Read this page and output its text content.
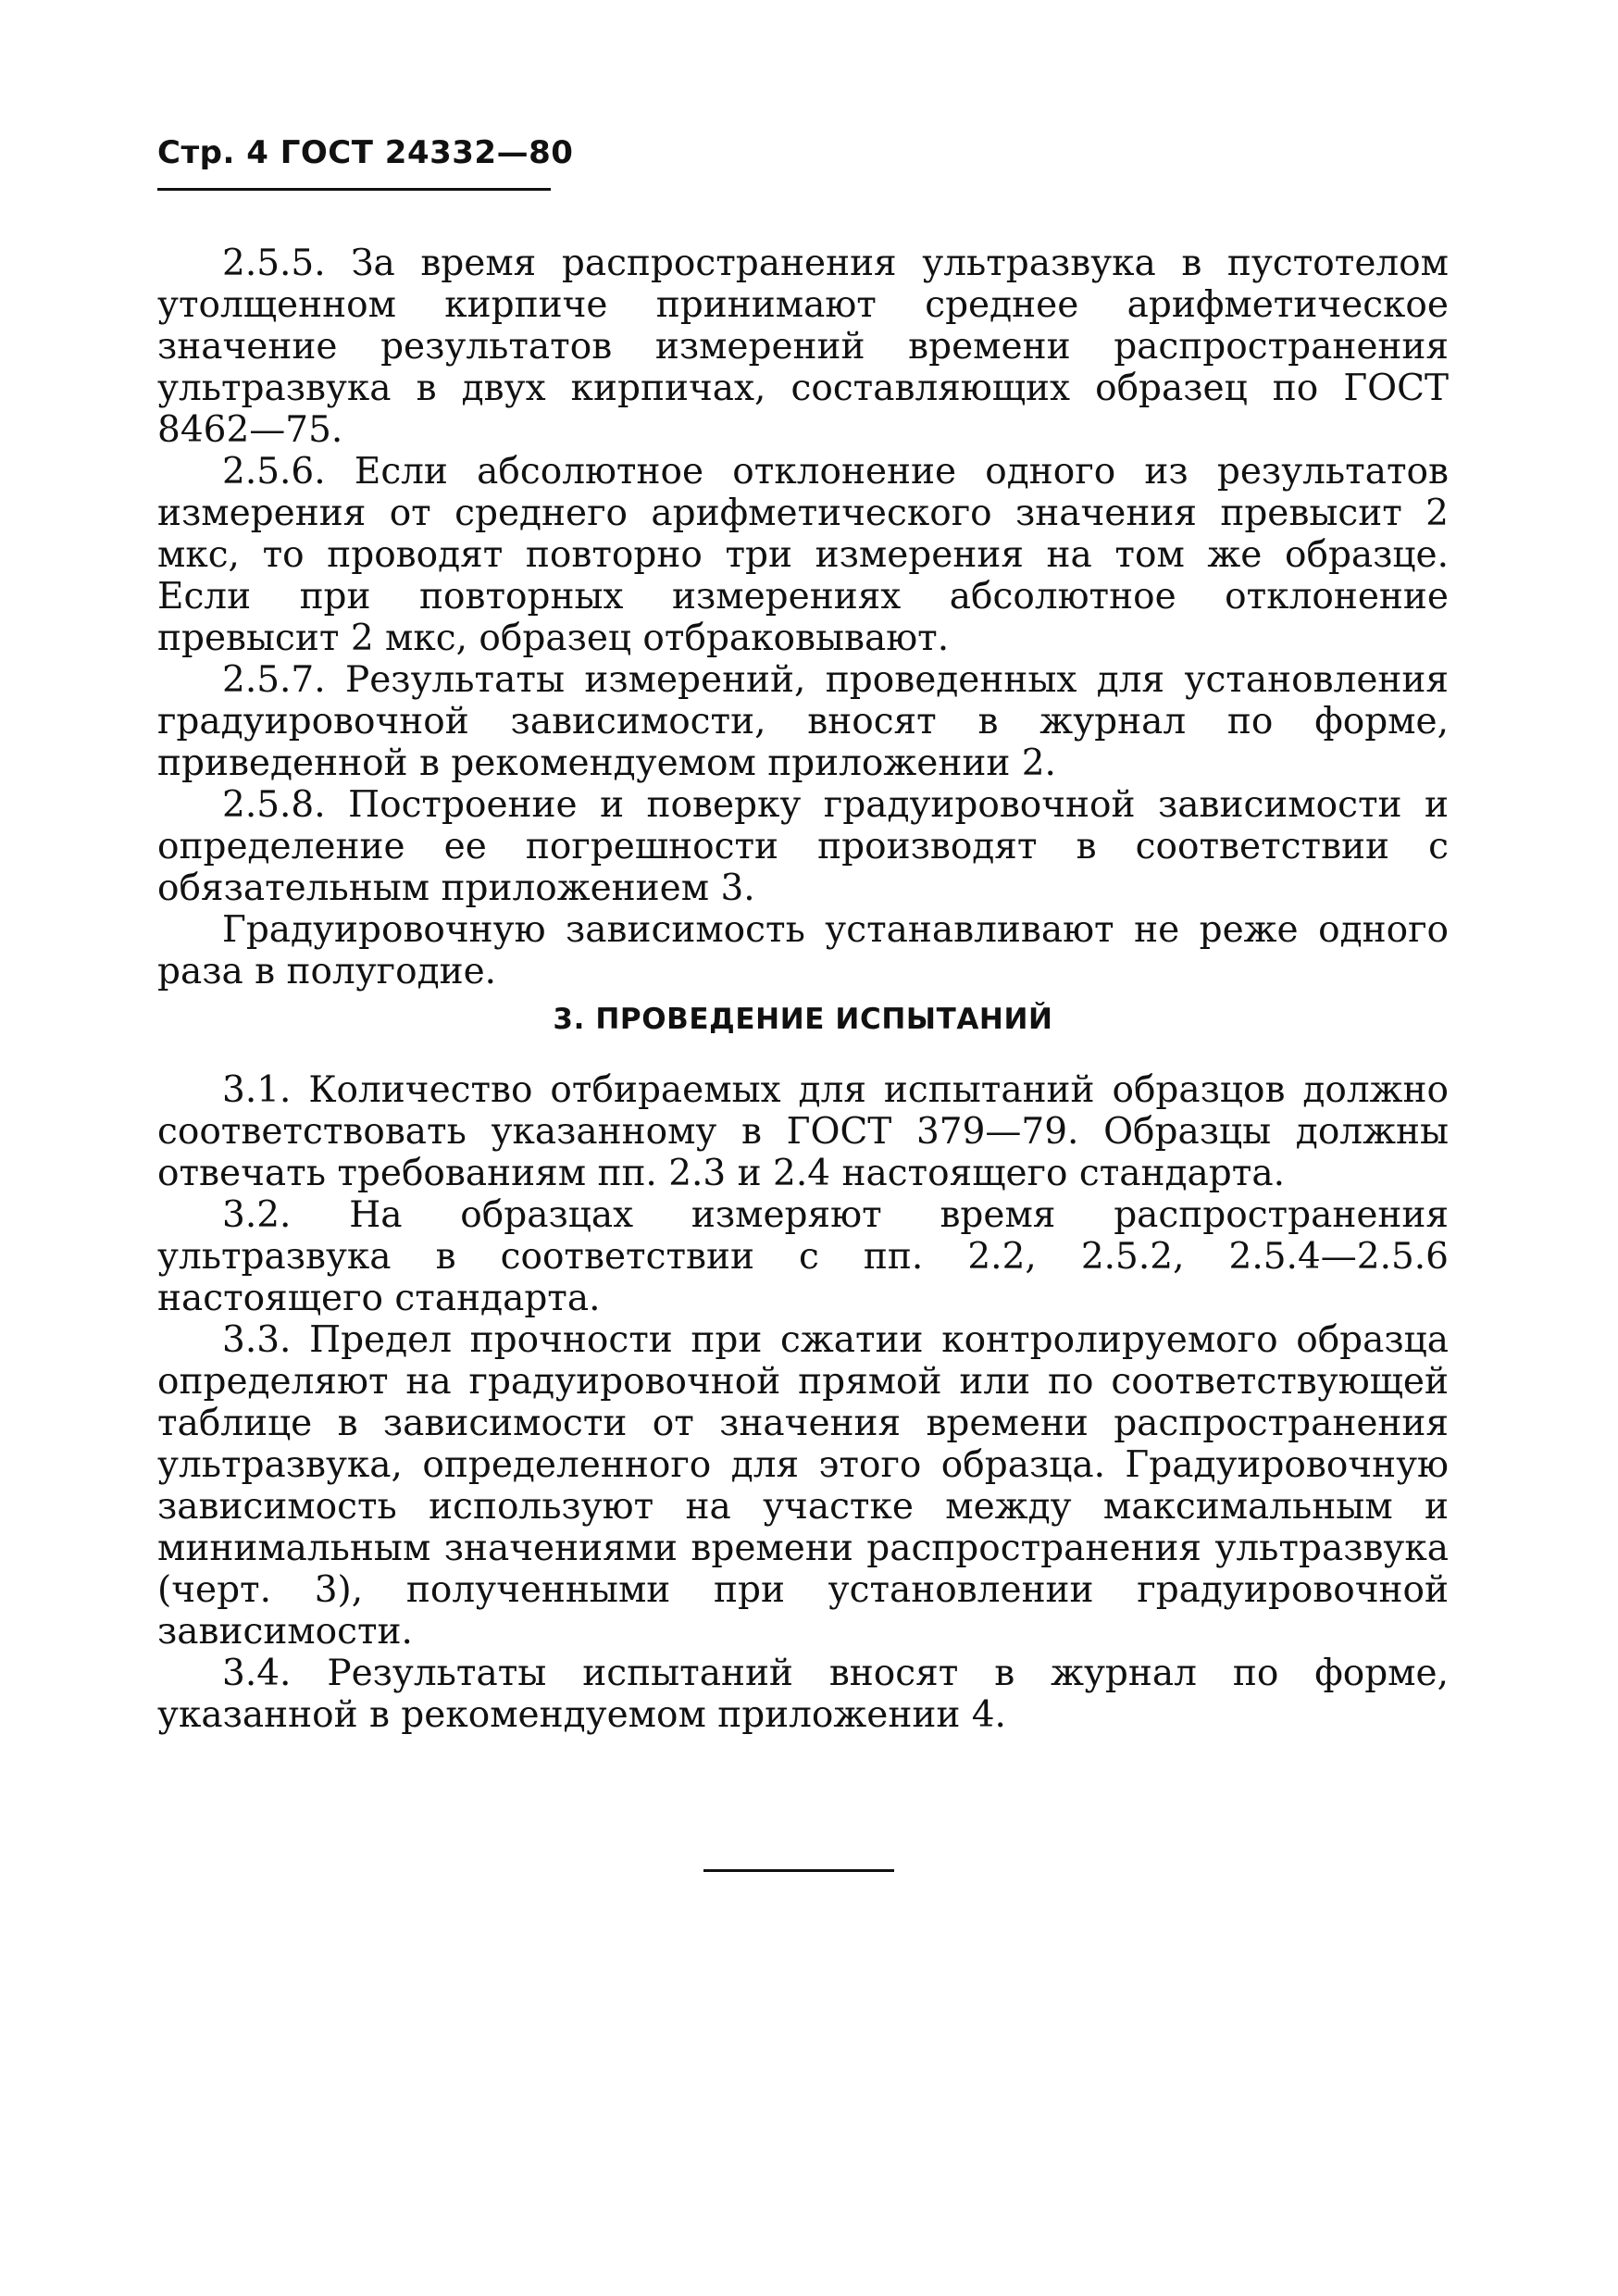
Стр. 4 ГОСТ 24332—80

2.5.5. За время распространения ультразвука в пустотелом утолщенном кирпиче принимают среднее арифметическое значение результатов измерений времени распространения ультразвука в двух кирпичах, составляющих образец по ГОСТ 8462—75.

2.5.6. Если абсолютное отклонение одного из результатов измерения от среднего арифметического значения превысит 2 мкс, то проводят повторно три измерения на том же образце. Если при повторных измерениях абсолютное отклонение превысит 2 мкс, образец отбраковывают.

2.5.7. Результаты измерений, проведенных для установления градуировочной зависимости, вносят в журнал по форме, приведенной в рекомендуемом приложении 2.

2.5.8. Построение и поверку градуировочной зависимости и определение ее погрешности производят в соответствии с обязательным приложением 3.

Градуировочную зависимость устанавливают не реже одного раза в полугодие.

3. ПРОВЕДЕНИЕ ИСПЫТАНИЙ

3.1. Количество отбираемых для испытаний образцов должно соответствовать указанному в ГОСТ 379—79. Образцы должны отвечать требованиям пп. 2.3 и 2.4 настоящего стандарта.

3.2. На образцах измеряют время распространения ультразвука в соответствии с пп. 2.2, 2.5.2, 2.5.4—2.5.6 настоящего стандарта.

3.3. Предел прочности при сжатии контролируемого образца определяют на градуировочной прямой или по соответствующей таблице в зависимости от значения времени распространения ультразвука, определенного для этого образца. Градуировочную зависимость используют на участке между максимальным и минимальным значениями времени распространения ультразвука (черт. 3), полученными при установлении градуировочной зависимости.

3.4. Результаты испытаний вносят в журнал по форме, указанной в рекомендуемом приложении 4.
